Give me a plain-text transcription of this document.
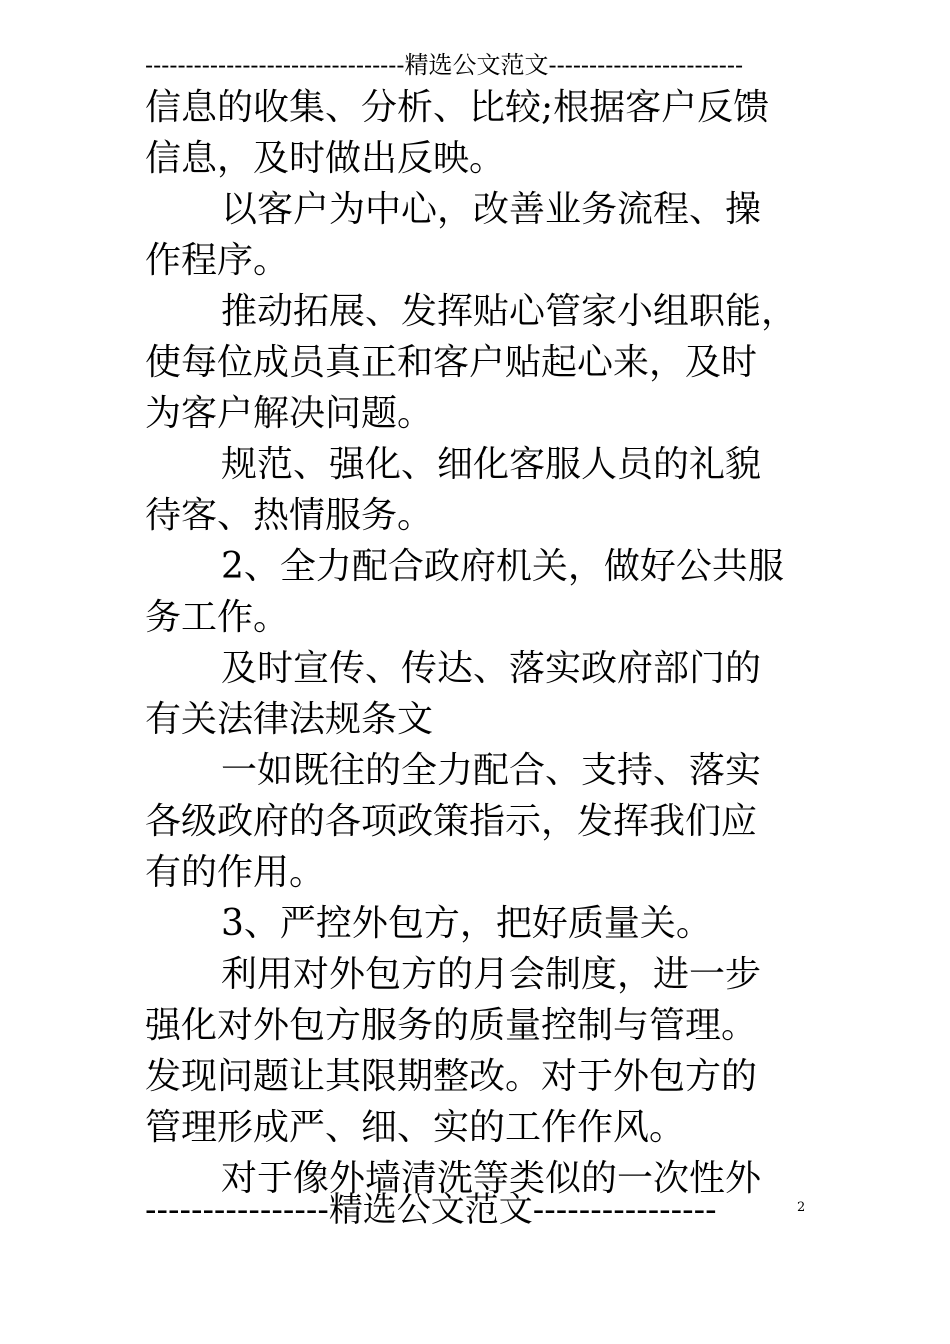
--------------------------------精选公文范文------------------------
信息的收集、分析、比较;根据客户反馈
信息，及时做出反映。
以客户为中心，改善业务流程、操
作程序。
推动拓展、发挥贴心管家小组职能，
使每位成员真正和客户贴起心来，及时
为客户解决问题。
规范、强化、细化客服人员的礼貌
待客、热情服务。
2、全力配合政府机关，做好公共服
务工作。
及时宣传、传达、落实政府部门的
有关法律法规条文
一如既往的全力配合、支持、落实
各级政府的各项政策指示，发挥我们应
有的作用。
3、严控外包方，把好质量关。
利用对外包方的月会制度，进一步
强化对外包方服务的质量控制与管理。
发现问题让其限期整改。对于外包方的
管理形成严、细、实的工作作风。
对于像外墙清洗等类似的一次性外
----------------精选公文范文----------------	2
